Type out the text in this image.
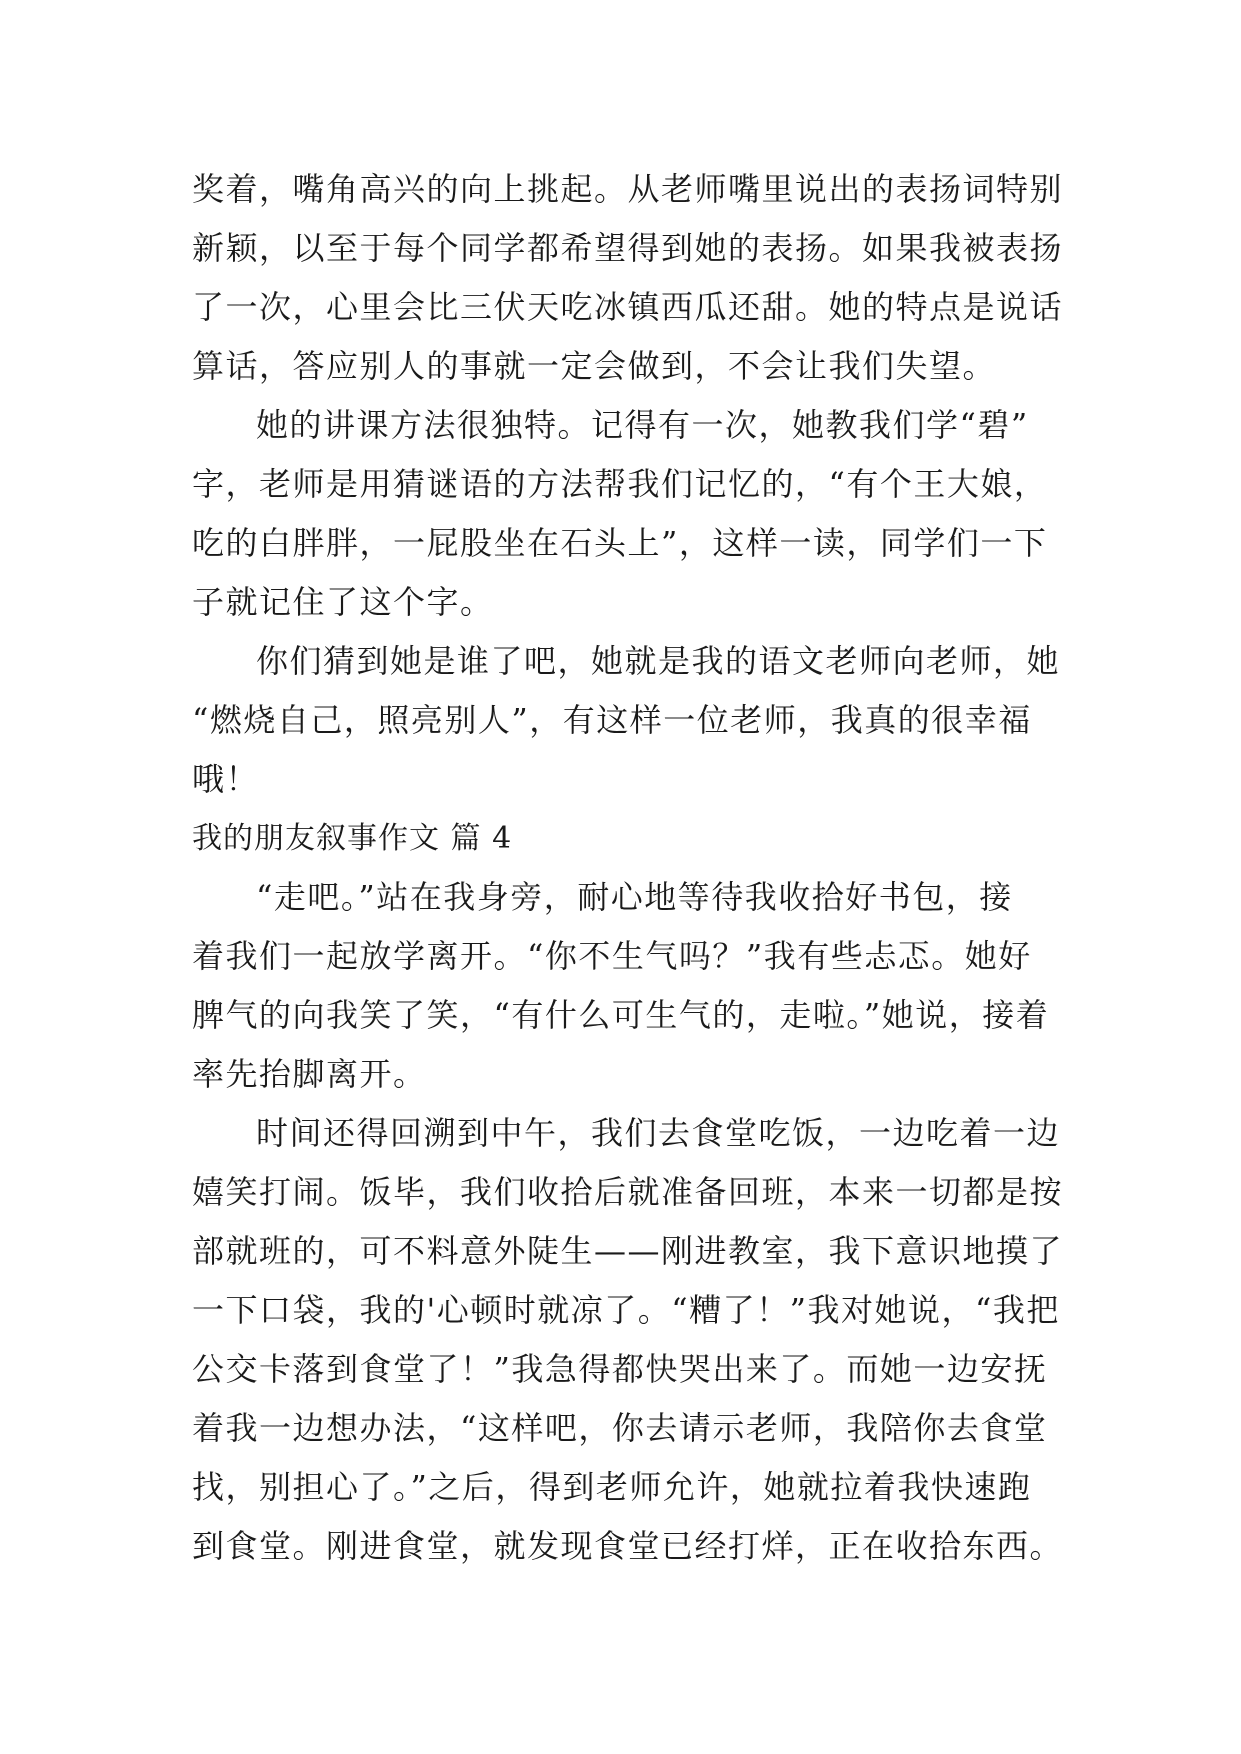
奖着，嘴角高兴的向上挑起。从老师嘴里说出的表扬词特别
新颖，以至于每个同学都希望得到她的表扬。如果我被表扬
了一次，心里会比三伏天吃冰镇西瓜还甜。她的特点是说话
算话，答应别人的事就一定会做到，不会让我们失望。
她的讲课方法很独特。记得有一次，她教我们学“碧”
字，老师是用猜谜语的方法帮我们记忆的，“有个王大娘，
吃的白胖胖，一屁股坐在石头上”，这样一读，同学们一下
子就记住了这个字。
你们猜到她是谁了吧，她就是我的语文老师向老师，她
“燃烧自己，照亮别人”，有这样一位老师，我真的很幸福
哦！
我的朋友叙事作文 篇 4
“走吧。”站在我身旁，耐心地等待我收拾好书包，接
着我们一起放学离开。“你不生气吗？”我有些忐忑。她好
脾气的向我笑了笑，“有什么可生气的，走啦。”她说，接着
率先抬脚离开。
时间还得回溯到中午，我们去食堂吃饭，一边吃着一边
嬉笑打闹。饭毕，我们收拾后就准备回班，本来一切都是按
部就班的，可不料意外陡生——刚进教室，我下意识地摸了
一下口袋，我的'心顿时就凉了。“糟了！”我对她说，“我把
公交卡落到食堂了！”我急得都快哭出来了。而她一边安抚
着我一边想办法，“这样吧，你去请示老师，我陪你去食堂
找，别担心了。”之后，得到老师允许，她就拉着我快速跑
到食堂。刚进食堂，就发现食堂已经打烊，正在收拾东西。
